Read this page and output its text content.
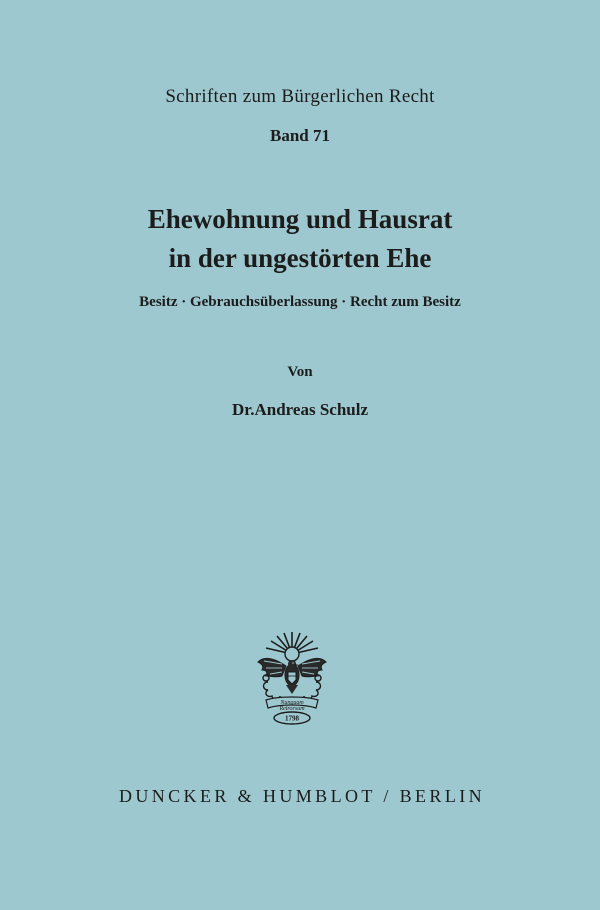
Schriften zum Bürgerlichen Recht
Band 71
Ehewohnung und Hausrat
in der ungestörten Ehe
Besitz · Gebrauchsüberlassung · Recht zum Besitz
Von
Dr.Andreas Schulz
Nunquam
Retrorsum
1798
DUNCKER & HUMBLOT / BERLIN
